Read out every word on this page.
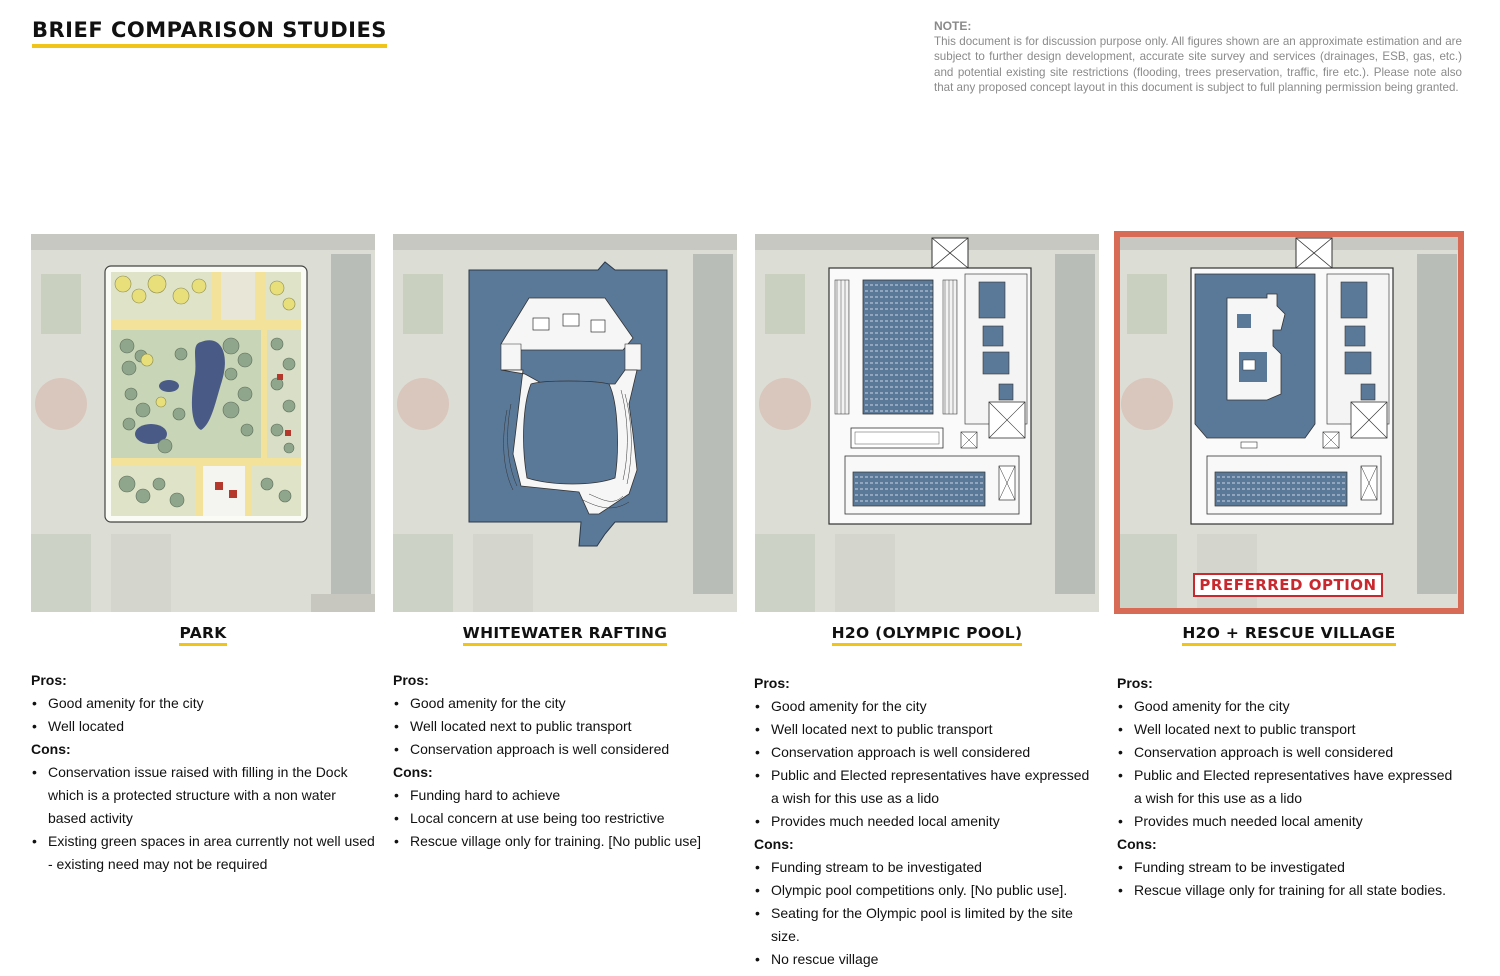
BRIEF COMPARISON STUDIES	NOTE:
This document is for discussion purpose only. All figures shown are an approximate estimation and are subject to further design development, accurate site survey and services (drainages, ESB, gas, etc.) and potential existing site restrictions (flooding, trees preservation, traffic, fire etc.). Please note also that any proposed concept layout in this document is subject to full planning permission being granted.
PREFERRED OPTION
PARK	WHITEWATER RAFTING	H2O (OLYMPIC POOL)	H2O + RESCUE VILLAGE
Pros:
• Good amenity for the city
• Well located
Cons:
• Conservation issue raised with filling in the Dock which is a protected structure with a non water based activity
• Existing green spaces in area currently not well used - existing need may not be required
Pros:
• Good amenity for the city
• Well located next to public transport
• Conservation approach is well considered
Cons:
• Funding hard to achieve
• Local concern at use being too restrictive
• Rescue village only for training. [No public use]
Pros:
• Good amenity for the city
• Well located next to public transport
• Conservation approach is well considered
• Public and Elected representatives have expressed a wish for this use as a lido
• Provides much needed local amenity
Cons:
• Funding stream to be investigated
• Olympic pool competitions only. [No public use].
• Seating for the Olympic pool is limited by the site size.
• No rescue village
Pros:
• Good amenity for the city
• Well located next to public transport
• Conservation approach is well considered
• Public and Elected representatives have expressed a wish for this use as a lido
• Provides much needed local amenity
Cons:
• Funding stream to be investigated
• Rescue village only for training for all state bodies.
